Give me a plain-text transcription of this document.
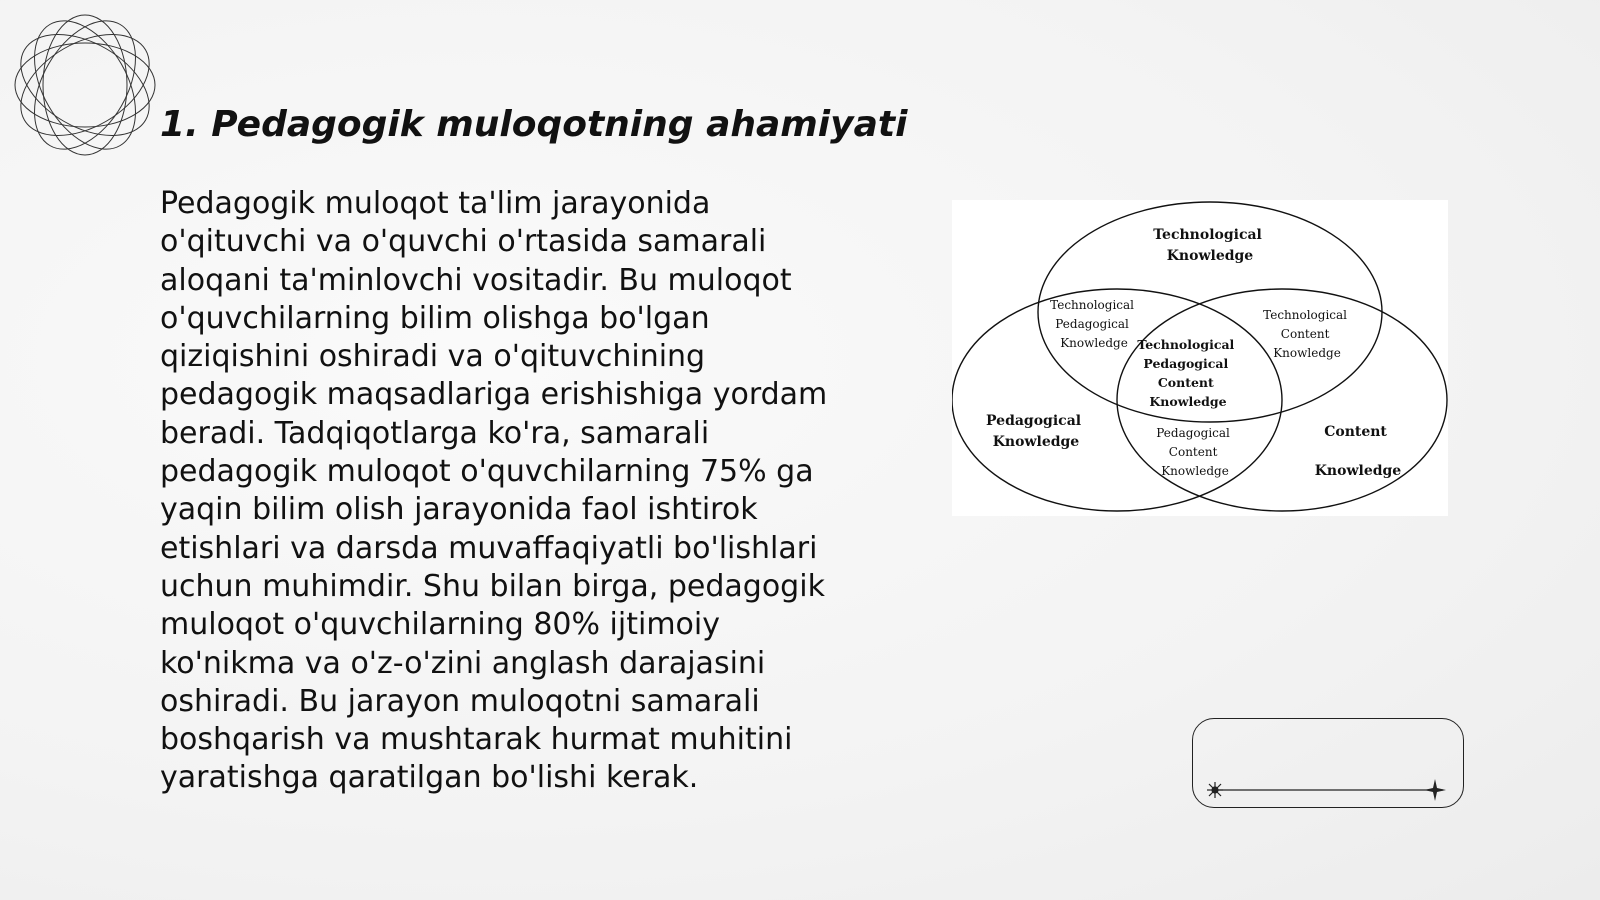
1. Pedagogik muloqotning ahamiyati

Pedagogik muloqot ta'lim jarayonida
o'qituvchi va o'quvchi o'rtasida samarali
aloqani ta'minlovchi vositadir. Bu muloqot
o'quvchilarning bilim olishga bo'lgan
qiziqishini oshiradi va o'qituvchining
pedagogik maqsadlariga erishishiga yordam
beradi. Tadqiqotlarga ko'ra, samarali
pedagogik muloqot o'quvchilarning 75% ga
yaqin bilim olish jarayonida faol ishtirok
etishlari va darsda muvaffaqiyatli bo'lishlari
uchun muhimdir. Shu bilan birga, pedagogik
muloqot o'quvchilarning 80% ijtimoiy
ko'nikma va o'z-o'zini anglash darajasini
oshiradi. Bu jarayon muloqotni samarali
boshqarish va mushtarak hurmat muhitini
yaratishga qaratilgan bo'lishi kerak.

Technological Knowledge
Pedagogical Knowledge
Content Knowledge
Technological Pedagogical Knowledge
Technological Content Knowledge
Pedagogical Content Knowledge
Technological Pedagogical Content Knowledge
